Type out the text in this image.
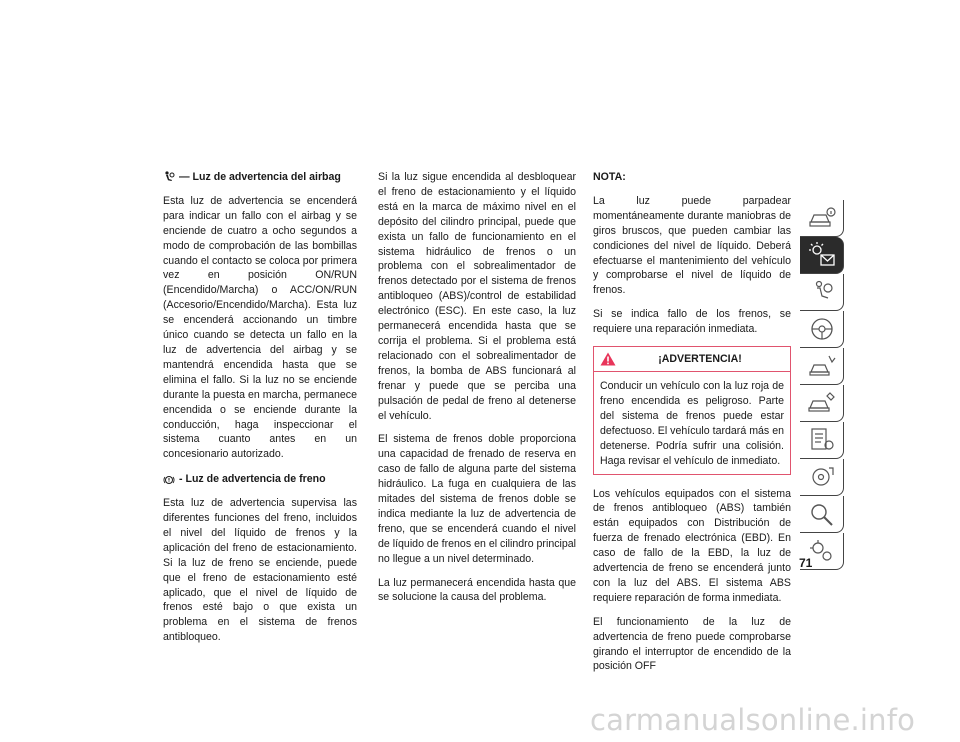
— Luz de advertencia del airbag

Esta luz de advertencia se encenderá para indicar un fallo con el airbag y se enciende de cuatro a ocho segundos a modo de comprobación de las bombillas cuando el contacto se coloca por primera vez en posición ON/RUN (Encendido/Marcha) o ACC/ON/RUN (Accesorio/Encendido/Marcha). Esta luz se encenderá accionando un timbre único cuando se detecta un fallo en la luz de advertencia del airbag y se mantendrá encendida hasta que se elimina el fallo. Si la luz no se enciende durante la puesta en marcha, permanece encendida o se enciende durante la conducción, haga inspeccionar el sistema cuanto antes en un concesionario autorizado.

- Luz de advertencia de freno

Esta luz de advertencia supervisa las diferentes funciones del freno, incluidos el nivel del líquido de frenos y la aplicación del freno de estacionamiento. Si la luz de freno se enciende, puede que el freno de estacionamiento esté aplicado, que el nivel de líquido de frenos esté bajo o que exista un problema en el sistema de frenos antibloqueo.

Si la luz sigue encendida al desbloquear el freno de estacionamiento y el líquido está en la marca de máximo nivel en el depósito del cilindro principal, puede que exista un fallo de funcionamiento en el sistema hidráulico de frenos o un problema con el sobrealimentador de frenos detectado por el sistema de frenos antibloqueo (ABS)/control de estabilidad electrónico (ESC). En este caso, la luz permanecerá encendida hasta que se corrija el problema. Si el problema está relacionado con el sobrealimentador de frenos, la bomba de ABS funcionará al frenar y puede que se perciba una pulsación de pedal de freno al detenerse el vehículo.

El sistema de frenos doble proporciona una capacidad de frenado de reserva en caso de fallo de alguna parte del sistema hidráulico. La fuga en cualquiera de las mitades del sistema de frenos doble se indica mediante la luz de advertencia de freno, que se encenderá cuando el nivel de líquido de frenos en el cilindro principal no llegue a un nivel determinado.

La luz permanecerá encendida hasta que se solucione la causa del problema.

NOTA:

La luz puede parpadear momentáneamente durante maniobras de giros bruscos, que pueden cambiar las condiciones del nivel de líquido. Deberá efectuarse el mantenimiento del vehículo y comprobarse el nivel de líquido de frenos.

Si se indica fallo de los frenos, se requiere una reparación inmediata.

¡ADVERTENCIA!
Conducir un vehículo con la luz roja de freno encendida es peligroso. Parte del sistema de frenos puede estar defectuoso. El vehículo tardará más en detenerse. Podría sufrir una colisión. Haga revisar el vehículo de inmediato.

Los vehículos equipados con el sistema de frenos antibloqueo (ABS) también están equipados con Distribución de fuerza de frenado electrónica (EBD). En caso de fallo de la EBD, la luz de advertencia de freno se encenderá junto con la luz del ABS. El sistema ABS requiere reparación de forma inmediata.

El funcionamiento de la luz de advertencia de freno puede comprobarse girando el interruptor de encendido de la posición OFF

71
carmanualsonline.info
